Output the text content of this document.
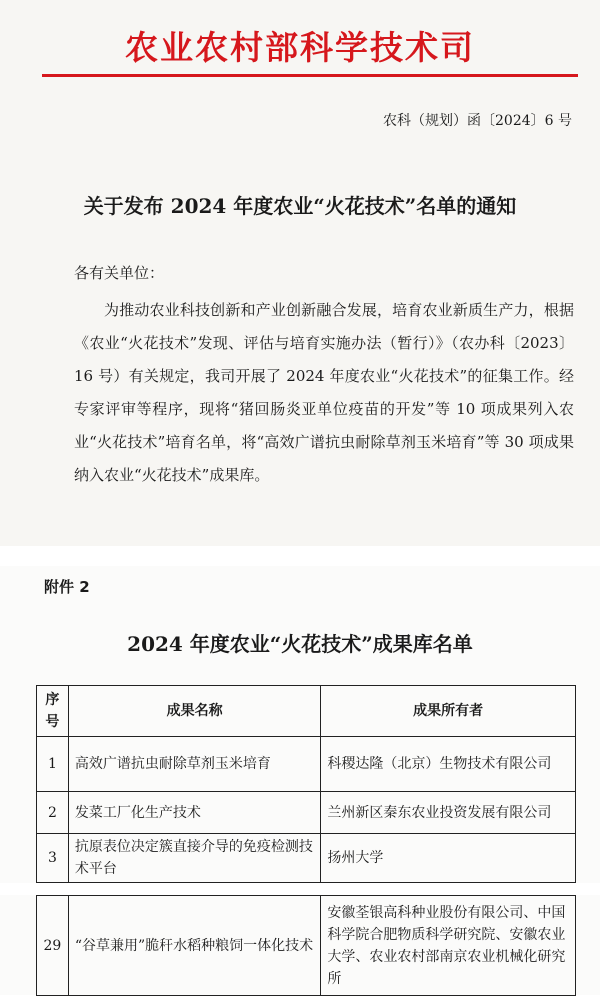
农业农村部科学技术司
农科（规划）函〔2024〕6 号
关于发布 2024 年度农业“火花技术”名单的通知
各有关单位：
为推动农业科技创新和产业创新融合发展，培育农业新质生产力，根据《农业“火花技术”发现、评估与培育实施办法（暂行）》（农办科〔2023〕16 号）有关规定，我司开展了 2024 年度农业“火花技术”的征集工作。经专家评审等程序，现将“猪回肠炎亚单位疫苗的开发”等 10 项成果列入农业“火花技术”培育名单，将“高效广谱抗虫耐除草剂玉米培育”等 30 项成果纳入农业“火花技术”成果库。
附件 2
2024 年度农业“火花技术”成果库名单
序号	成果名称	成果所有者
1	高效广谱抗虫耐除草剂玉米培育	科稷达隆（北京）生物技术有限公司
2	发菜工厂化生产技术	兰州新区秦东农业投资发展有限公司
3	抗原表位决定簇直接介导的免疫检测技术平台	扬州大学
29	“谷草兼用”脆秆水稻种粮饲一体化技术	安徽荃银高科种业股份有限公司、中国科学院合肥物质科学研究院、安徽农业大学、农业农村部南京农业机械化研究所
